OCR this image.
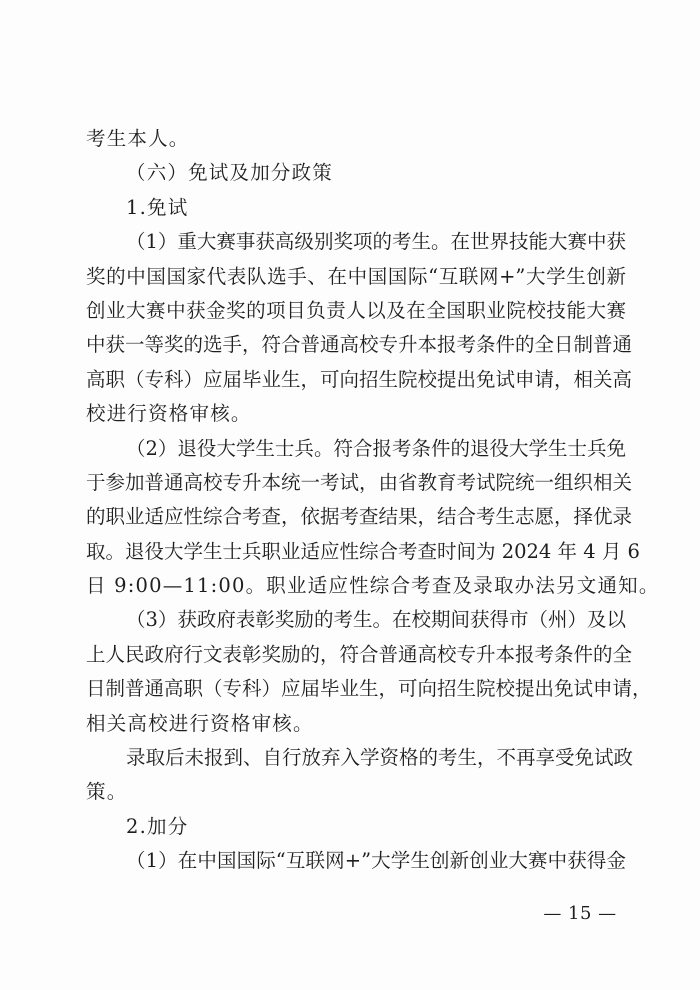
考生本人。
（六）免试及加分政策
1.免试
（1）重大赛事获高级别奖项的考生。在世界技能大赛中获
奖的中国国家代表队选手、在中国国际“互联网+”大学生创新
创业大赛中获金奖的项目负责人以及在全国职业院校技能大赛
中获一等奖的选手，符合普通高校专升本报考条件的全日制普通
高职（专科）应届毕业生，可向招生院校提出免试申请，相关高
校进行资格审核。
（2）退役大学生士兵。符合报考条件的退役大学生士兵免
于参加普通高校专升本统一考试，由省教育考试院统一组织相关
的职业适应性综合考查，依据考查结果，结合考生志愿，择优录
取。退役大学生士兵职业适应性综合考查时间为 2024 年 4 月 6
日 9:00—11:00。职业适应性综合考查及录取办法另文通知。
（3）获政府表彰奖励的考生。在校期间获得市（州）及以
上人民政府行文表彰奖励的，符合普通高校专升本报考条件的全
日制普通高职（专科）应届毕业生，可向招生院校提出免试申请，
相关高校进行资格审核。
录取后未报到、自行放弃入学资格的考生，不再享受免试政
策。
2.加分
（1）在中国国际“互联网+”大学生创新创业大赛中获得金
— 15 —
